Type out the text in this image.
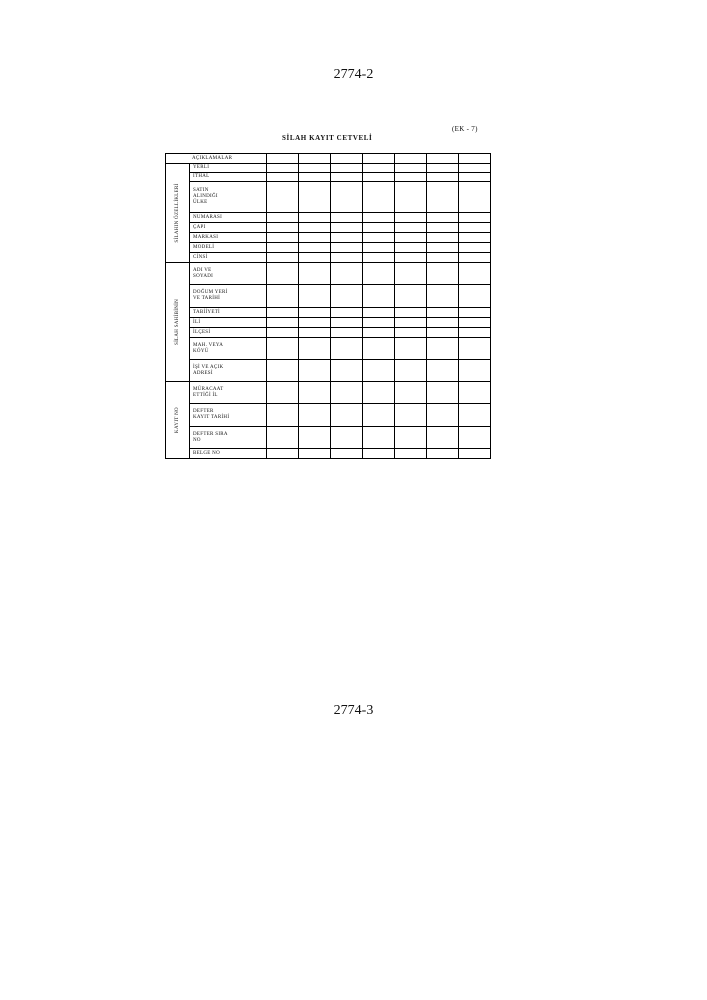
2774-2
(EK - 7)
SİLAH KAYIT CETVELİ
AÇIKLAMALAR								

SİLAHIN ÖZELLİKLERİ	YERLİ							

	İTHAL							

	SATIN
ALINDIĞI
ÜLKE							

	NUMARASI							

	ÇAPI							

	MARKASI							

	MODELİ							

	CİNSİ							

SİLAH SAHİBİNİN	ADI VE
SOYADI							

	DOĞUM YERİ
VE TARİHİ							

	TABİİYETİ							

	İLİ							

	İLÇESİ							

	MAH. VEYA
KÖYÜ							

	İŞİ VE AÇIK
ADRESİ							

KAYIT NO	MÜRACAAT
ETTİĞİ İL							

	DEFTER
KAYIT TARİHİ							

	DEFTER SIRA
NO							

	BELGE NO							

2774-3
